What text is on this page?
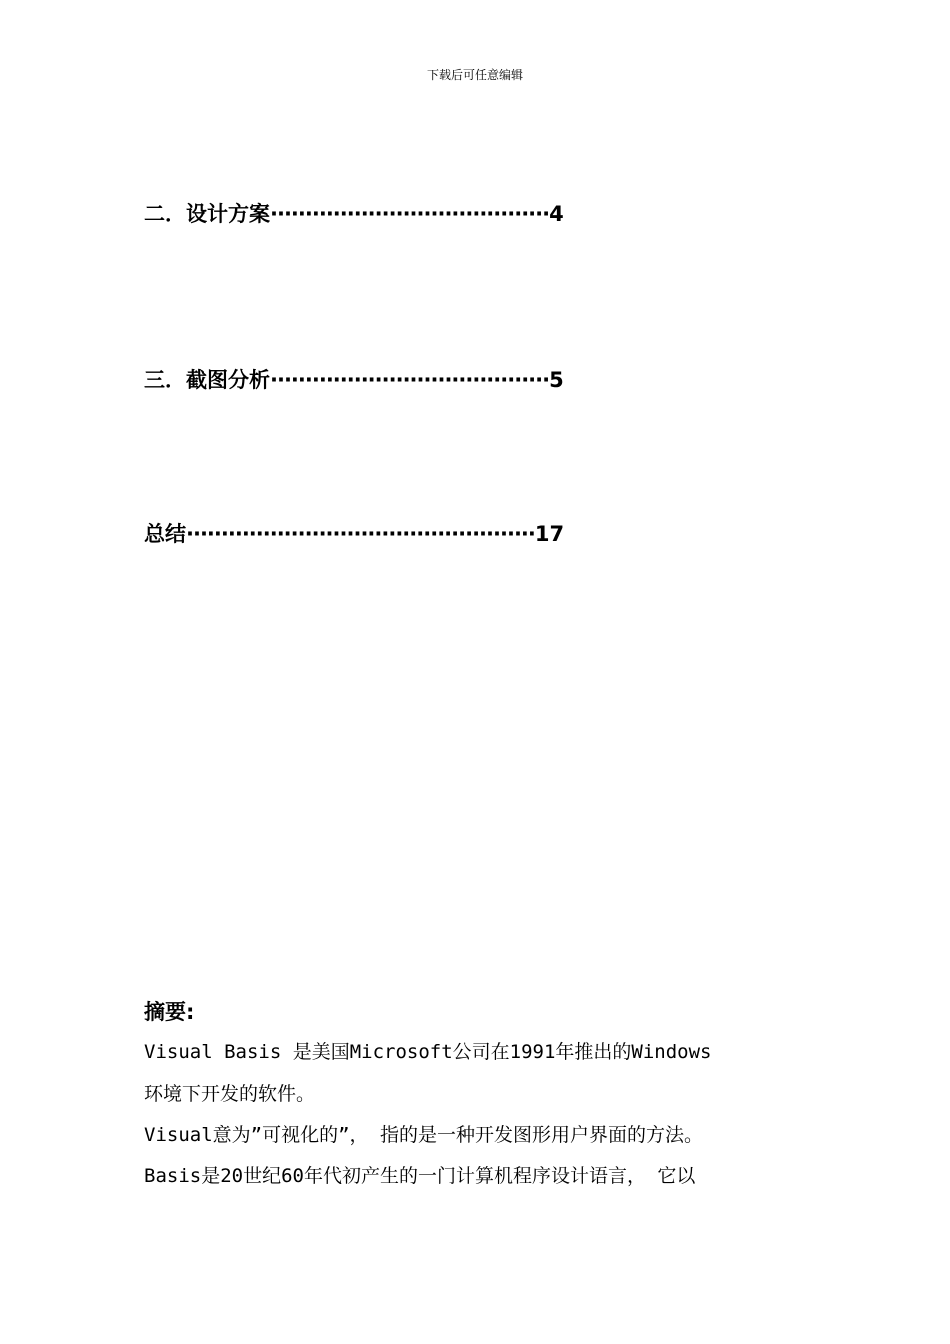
下载后可任意编辑
二．设计方案········································4
三．截图分析········································5
总结··················································17
摘要:
Visual Basis 是美国Microsoft公司在1991年推出的Windows
环境下开发的软件。
Visual意为”可视化的”， 指的是一种开发图形用户界面的方法。
Basis是20世纪60年代初产生的一门计算机程序设计语言， 它以
